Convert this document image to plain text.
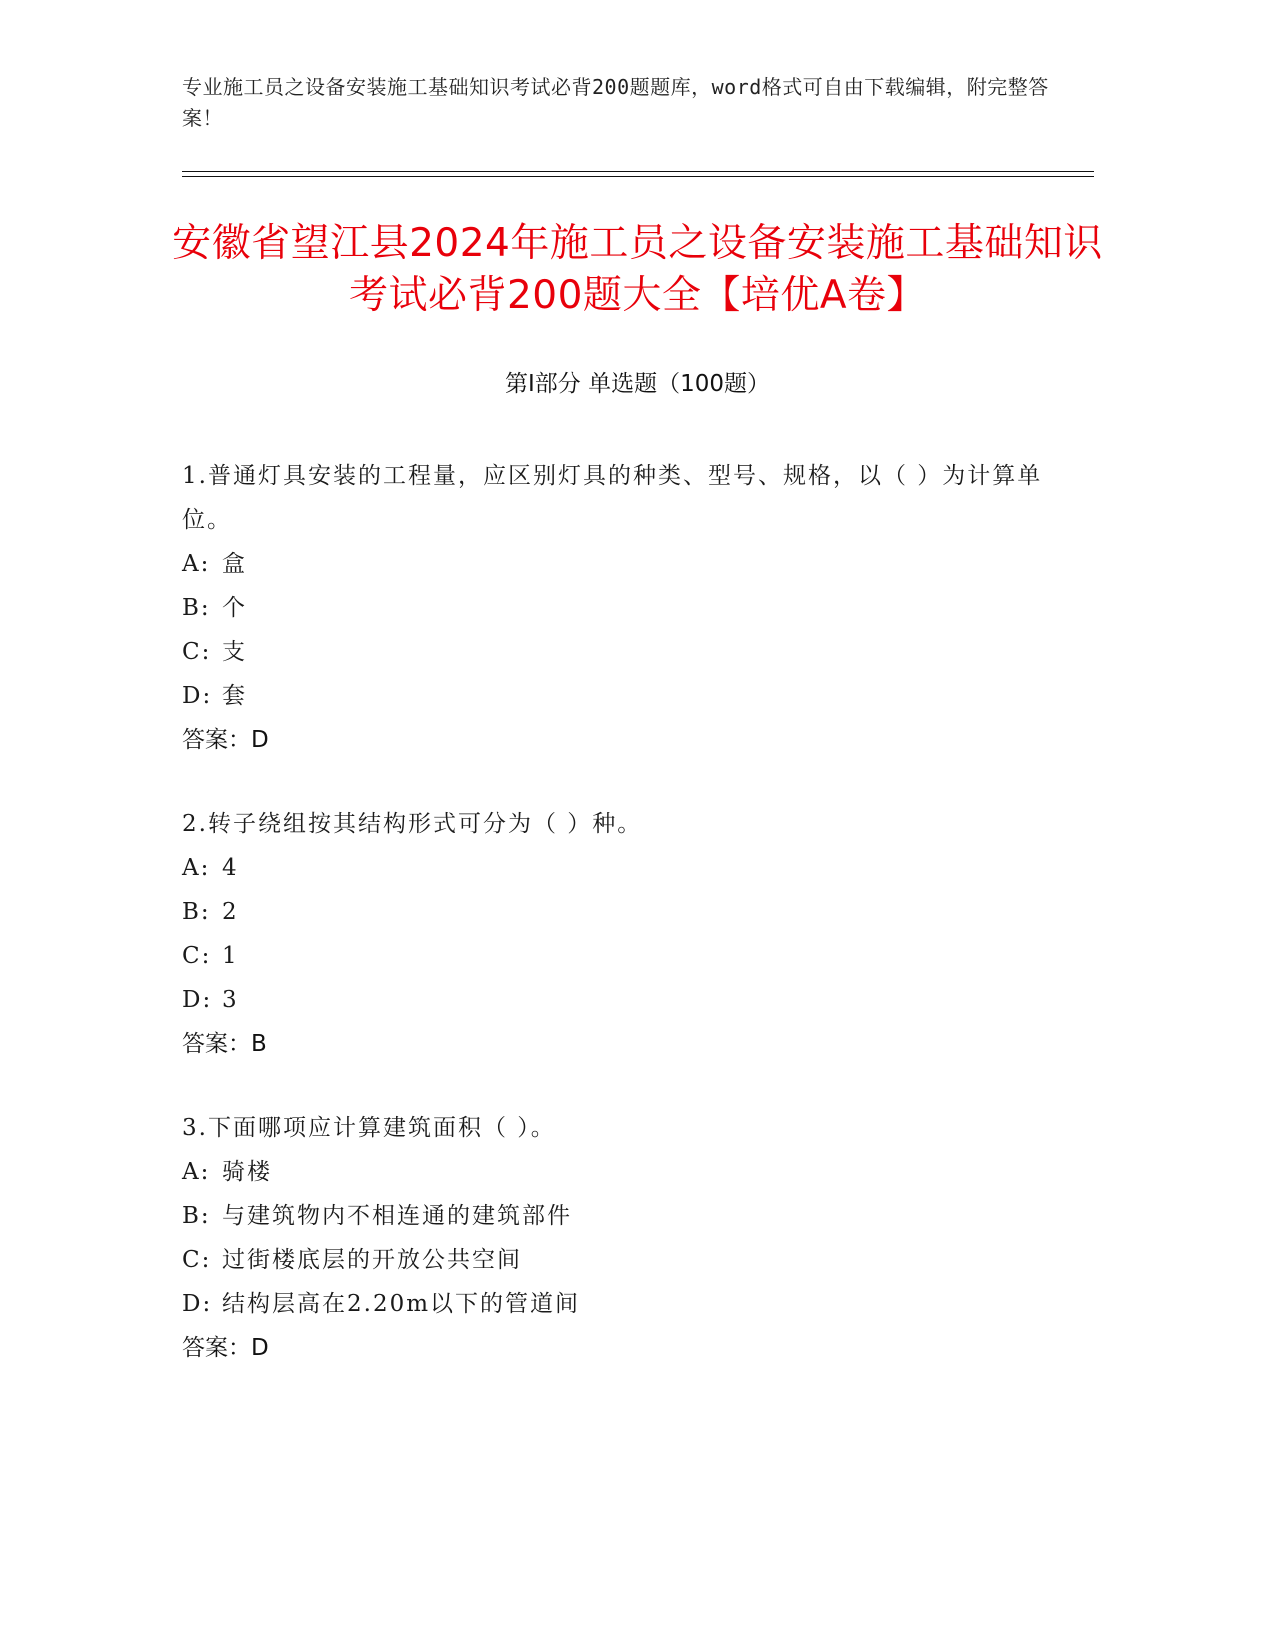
专业施工员之设备安装施工基础知识考试必背200题题库，word格式可自由下载编辑，附完整答案！
安徽省望江县2024年施工员之设备安装施工基础知识考试必背200题大全【培优A卷】
第Ⅰ部分 单选题（100题）
1.普通灯具安装的工程量，应区别灯具的种类、型号、规格，以（ ）为计算单位。
A: 盒
B: 个
C: 支
D: 套
答案：D
2.转子绕组按其结构形式可分为（ ）种。
A: 4
B: 2
C: 1
D: 3
答案：B
3.下面哪项应计算建筑面积（ ）。
A: 骑楼
B: 与建筑物内不相连通的建筑部件
C: 过街楼底层的开放公共空间
D: 结构层高在2.20m以下的管道间
答案：D
